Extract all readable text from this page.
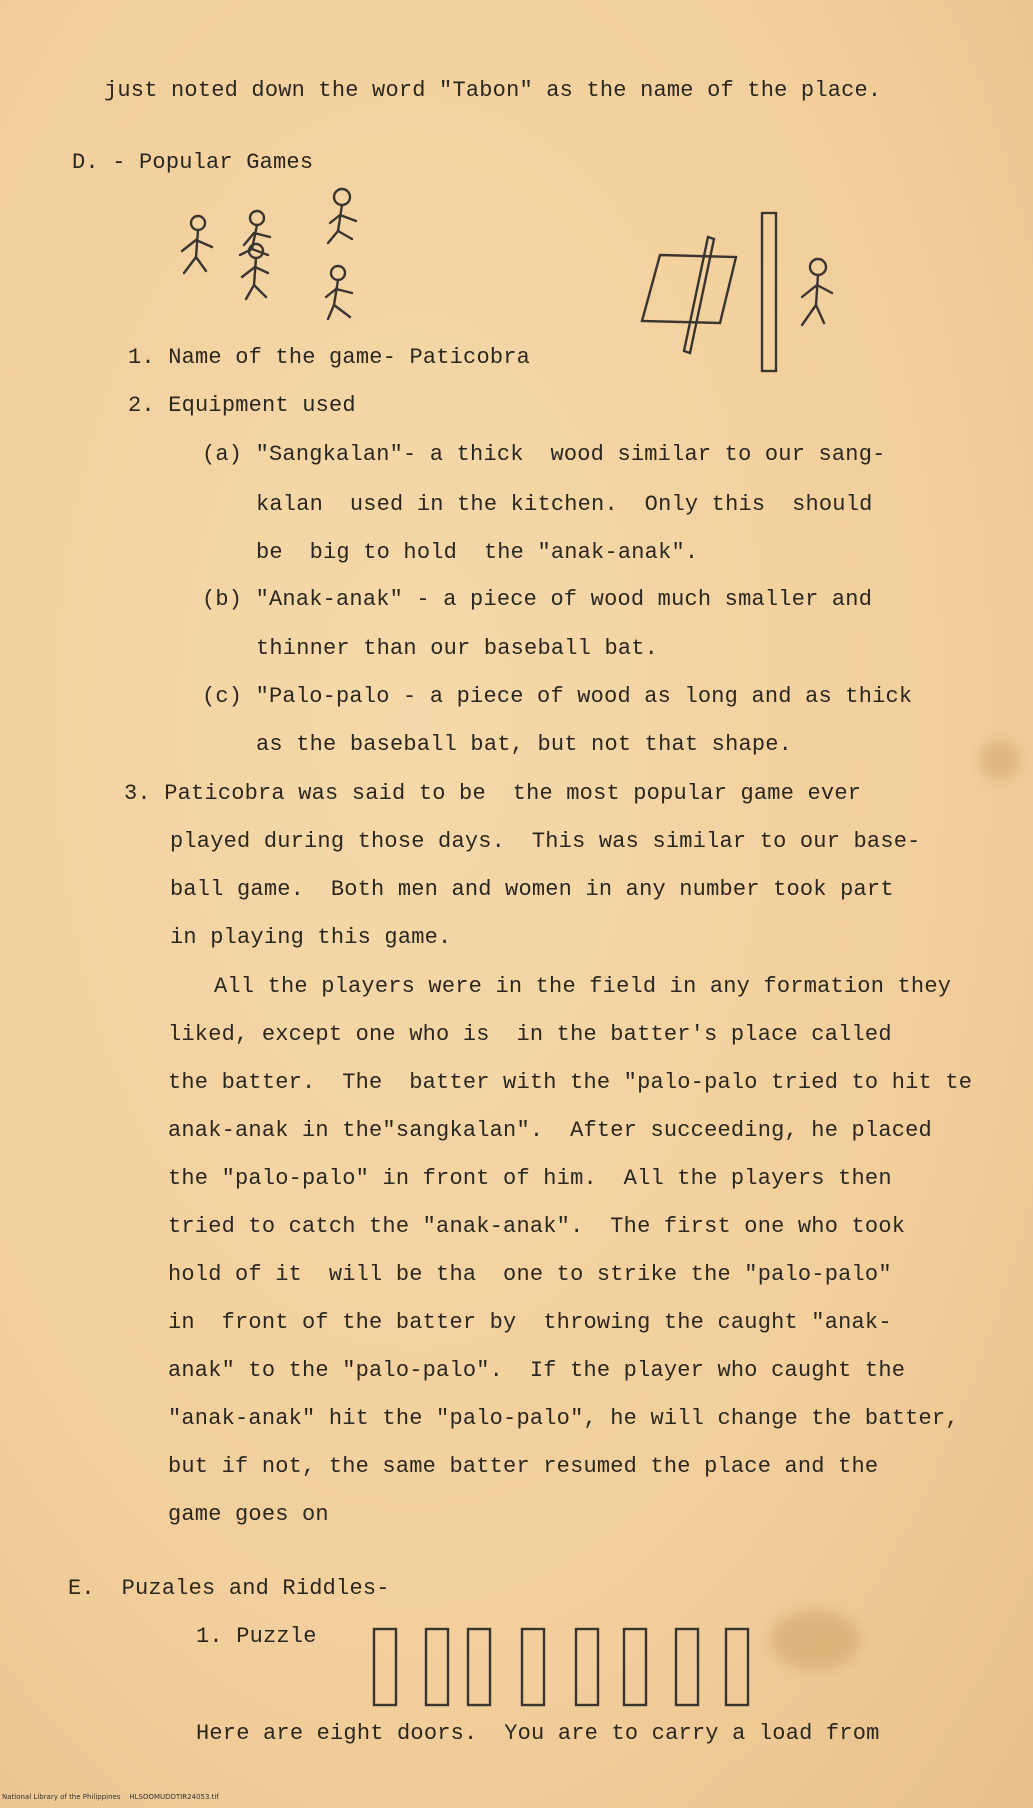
just noted down the word "Tabon" as the name of the place.
D. - Popular Games
1. Name of the game- Paticobra
2. Equipment used
(a) "Sangkalan"- a thick  wood similar to our sang-
kalan  used in the kitchen.  Only this  should
be  big to hold  the "anak-anak".
(b) "Anak-anak" - a piece of wood much smaller and
thinner than our baseball bat.
(c) "Palo-palo - a piece of wood as long and as thick
as the baseball bat, but not that shape.
3. Paticobra was said to be  the most popular game ever
played during those days.  This was similar to our base-
ball game.  Both men and women in any number took part
in playing this game.
All the players were in the field in any formation they
liked, except one who is  in the batter's place called
the batter.  The  batter with the "palo-palo tried to hit te
anak-anak in the"sangkalan".  After succeeding, he placed
the "palo-palo" in front of him.  All the players then
tried to catch the "anak-anak".  The first one who took
hold of it  will be tha  one to strike the "palo-palo"
in  front of the batter by  throwing the caught "anak-
anak" to the "palo-palo".  If the player who caught the
"anak-anak" hit the "palo-palo", he will change the batter,
but if not, the same batter resumed the place and the
game goes on
E.  Puzales and Riddles-
1. Puzzle
Here are eight doors.  You are to carry a load from
National Library of the Philippines    HLSOOMUDDTIR24053.tif
